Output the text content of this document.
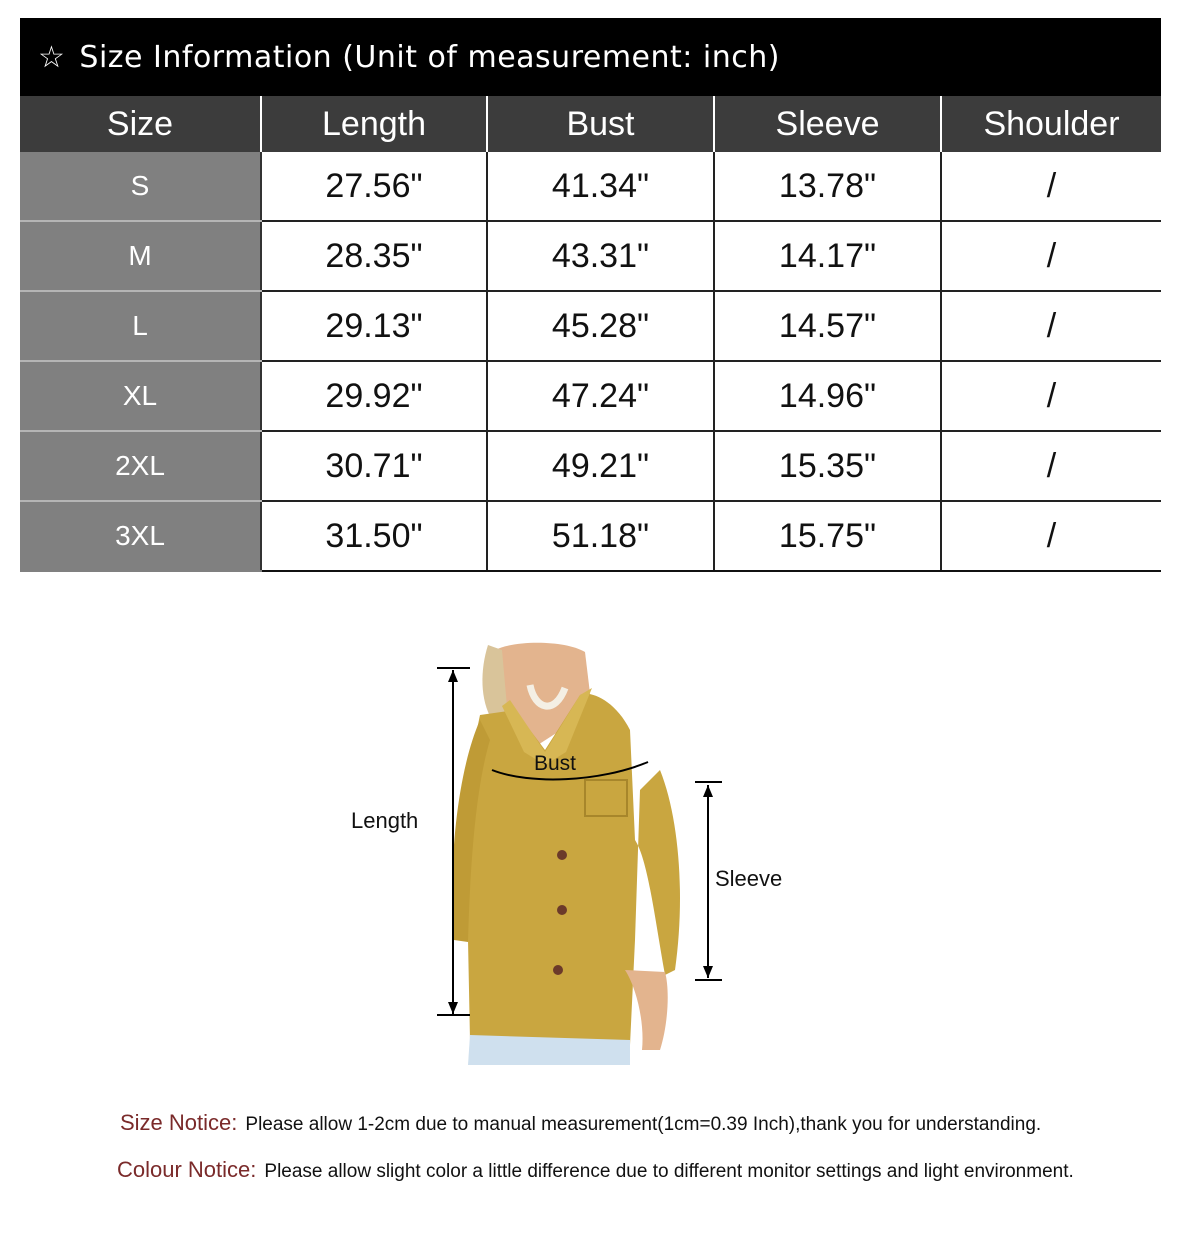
☆ Size Information (Unit of measurement: inch)
Size	Length	Bust	Sleeve	Shoulder
S	27.56"	41.34"	13.78"	/
M	28.35"	43.31"	14.17"	/
L	29.13"	45.28"	14.57"	/
XL	29.92"	47.24"	14.96"	/
2XL	30.71"	49.21"	15.35"	/
3XL	31.50"	51.18"	15.75"	/
Length
Bust
Sleeve
Size Notice: Please allow 1-2cm due to manual measurement(1cm=0.39 Inch),thank you for understanding.
Colour Notice: Please allow slight color a little difference due to different monitor settings and light environment.
